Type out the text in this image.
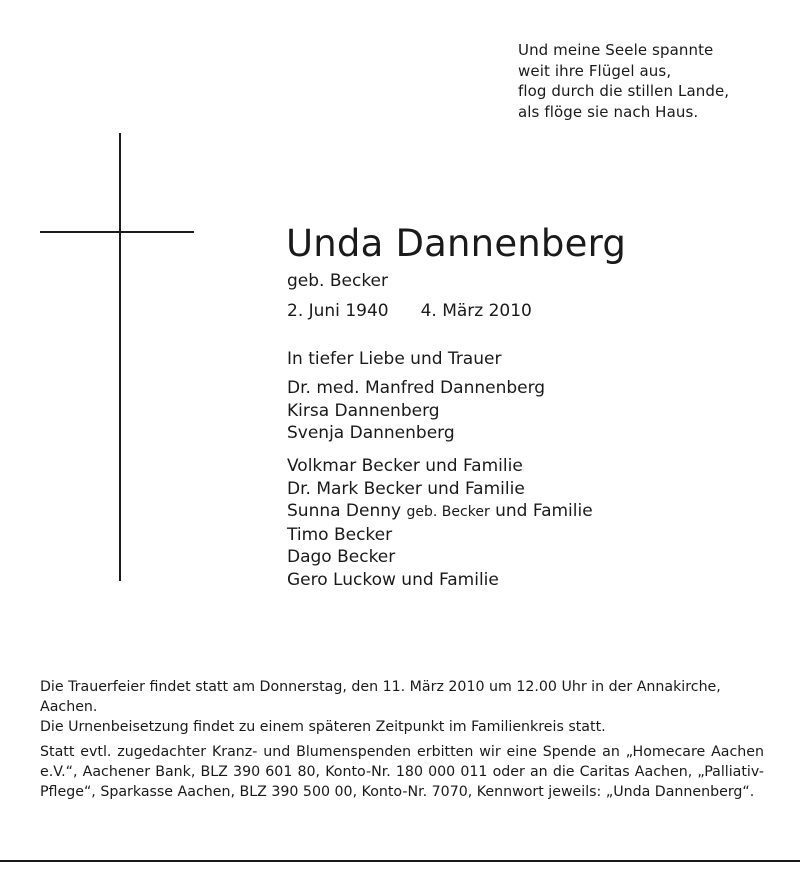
Und meine Seele spannte
weit ihre Flügel aus,
flog durch die stillen Lande,
als flöge sie nach Haus.
Unda Dannenberg
geb. Becker
2. Juni 1940 4. März 2010
In tiefer Liebe und Trauer
Dr. med. Manfred Dannenberg
Kirsa Dannenberg
Svenja Dannenberg
Volkmar Becker und Familie
Dr. Mark Becker und Familie
Sunna Denny geb. Becker und Familie
Timo Becker
Dago Becker
Gero Luckow und Familie

Die Trauerfeier findet statt am Donnerstag, den 11. März 2010 um 12.00 Uhr in der Annakirche, Aachen.

Die Urnenbeisetzung findet zu einem späteren Zeitpunkt im Familienkreis statt.

Statt evtl. zugedachter Kranz- und Blumenspenden erbitten wir eine Spende an „Homecare Aachen e.V.“, Aachener Bank, BLZ 390 601 80, Konto-Nr. 180 000 011 oder an die Caritas Aachen, „Palliativ-Pflege“, Sparkasse Aachen, BLZ 390 500 00, Konto-Nr. 7070, Kennwort jeweils: „Unda Dannenberg“.
